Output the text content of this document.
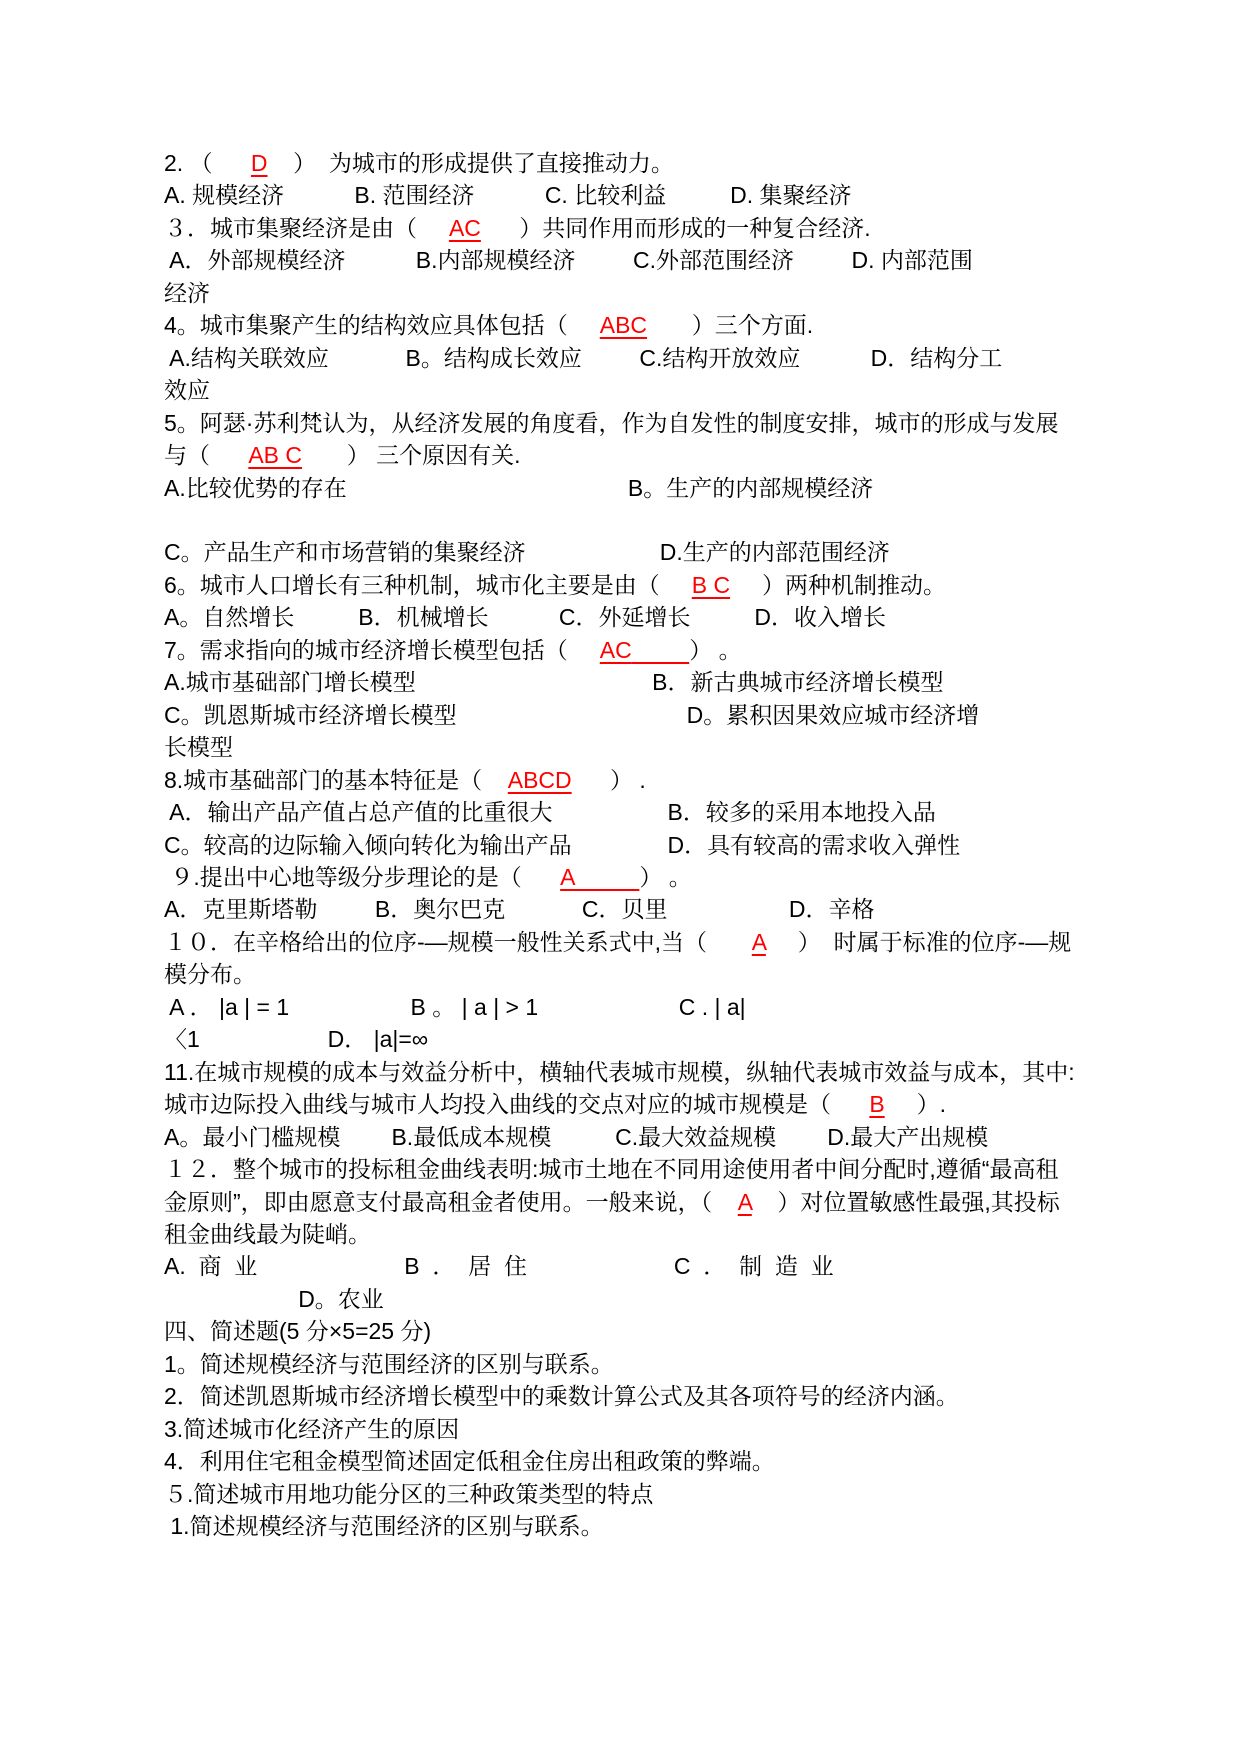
2. （      D    ）  为城市的形成提供了直接推动力。
A. 规模经济           B. 范围经济           C. 比较利益          D. 集聚经济
３．城市集聚经济是由（     AC      ）共同作用而形成的一种复合经济.
A．外部规模经济           B.内部规模经济         C.外部范围经济         D. 内部范围
经济
4。城市集聚产生的结构效应具体包括（     ABC       ）三个方面.
A.结构关联效应            B。结构成长效应         C.结构开放效应           D．结构分工
效应
5。阿瑟·苏利梵认为，从经济发展的角度看，作为自发性的制度安排，城市的形成与发展
与（      AB C       ） 三个原因有关.
A.比较优势的存在                                            B。生产的内部规模经济

C。产品生产和市场营销的集聚经济                     D.生产的内部范围经济
6。城市人口增长有三种机制，城市化主要是由（     B C     ）两种机制推动。
A。自然增长          B．机械增长           C．外延增长          D．收入增长
7。需求指向的城市经济增长模型包括（     AC	） 。
A.城市基础部门增长模型                                     B．新古典城市经济增长模型
C。凯恩斯城市经济增长模型                                    D。累积因果效应城市经济增
长模型
8.城市基础部门的基本特征是（    ABCD      ） .
A．输出产品产值占总产值的比重很大                  B．较多的采用本地投入品
C。较高的边际输入倾向转化为输出产品               D．具有较高的需求收入弹性
９.提出中心地等级分步理论的是（      A	） 。
A．克里斯塔勒         B．奥尔巴克            C．贝里                   D．辛格
１０．在辛格给出的位序-—规模一般性关系式中,当（       A     ）  时属于标准的位序-—规
模分布。
A ． |a | = 1                   B 。 | a | > 1                      C . | a|
〈1                    D． |a|=∞
11.在城市规模的成本与效益分析中，横轴代表城市规模，纵轴代表城市效益与成本，其中:
城市边际投入曲线与城市人均投入曲线的交点对应的城市规模是（      B     ）.
A。最小门槛规模        B.最低成本规模          C.最大效益规模        D.最大产出规模
１２．整个城市的投标租金曲线表明:城市土地在不同用途使用者中间分配时,遵循“最高租
金原则”，即由愿意支付最高租金者使用。一般来说，（    A    ）对位置敏感性最强,其投标
租金曲线最为陡峭。
A.  商  业                       B  ．  居  住                       C  ．  制  造  业
D。农业
四、简述题(5 分×5=25 分)
1。简述规模经济与范围经济的区别与联系。
2．简述凯恩斯城市经济增长模型中的乘数计算公式及其各项符号的经济内涵。
3.简述城市化经济产生的原因
4．利用住宅租金模型简述固定低租金住房出租政策的弊端。
５.简述城市用地功能分区的三种政策类型的特点
1.简述规模经济与范围经济的区别与联系。
